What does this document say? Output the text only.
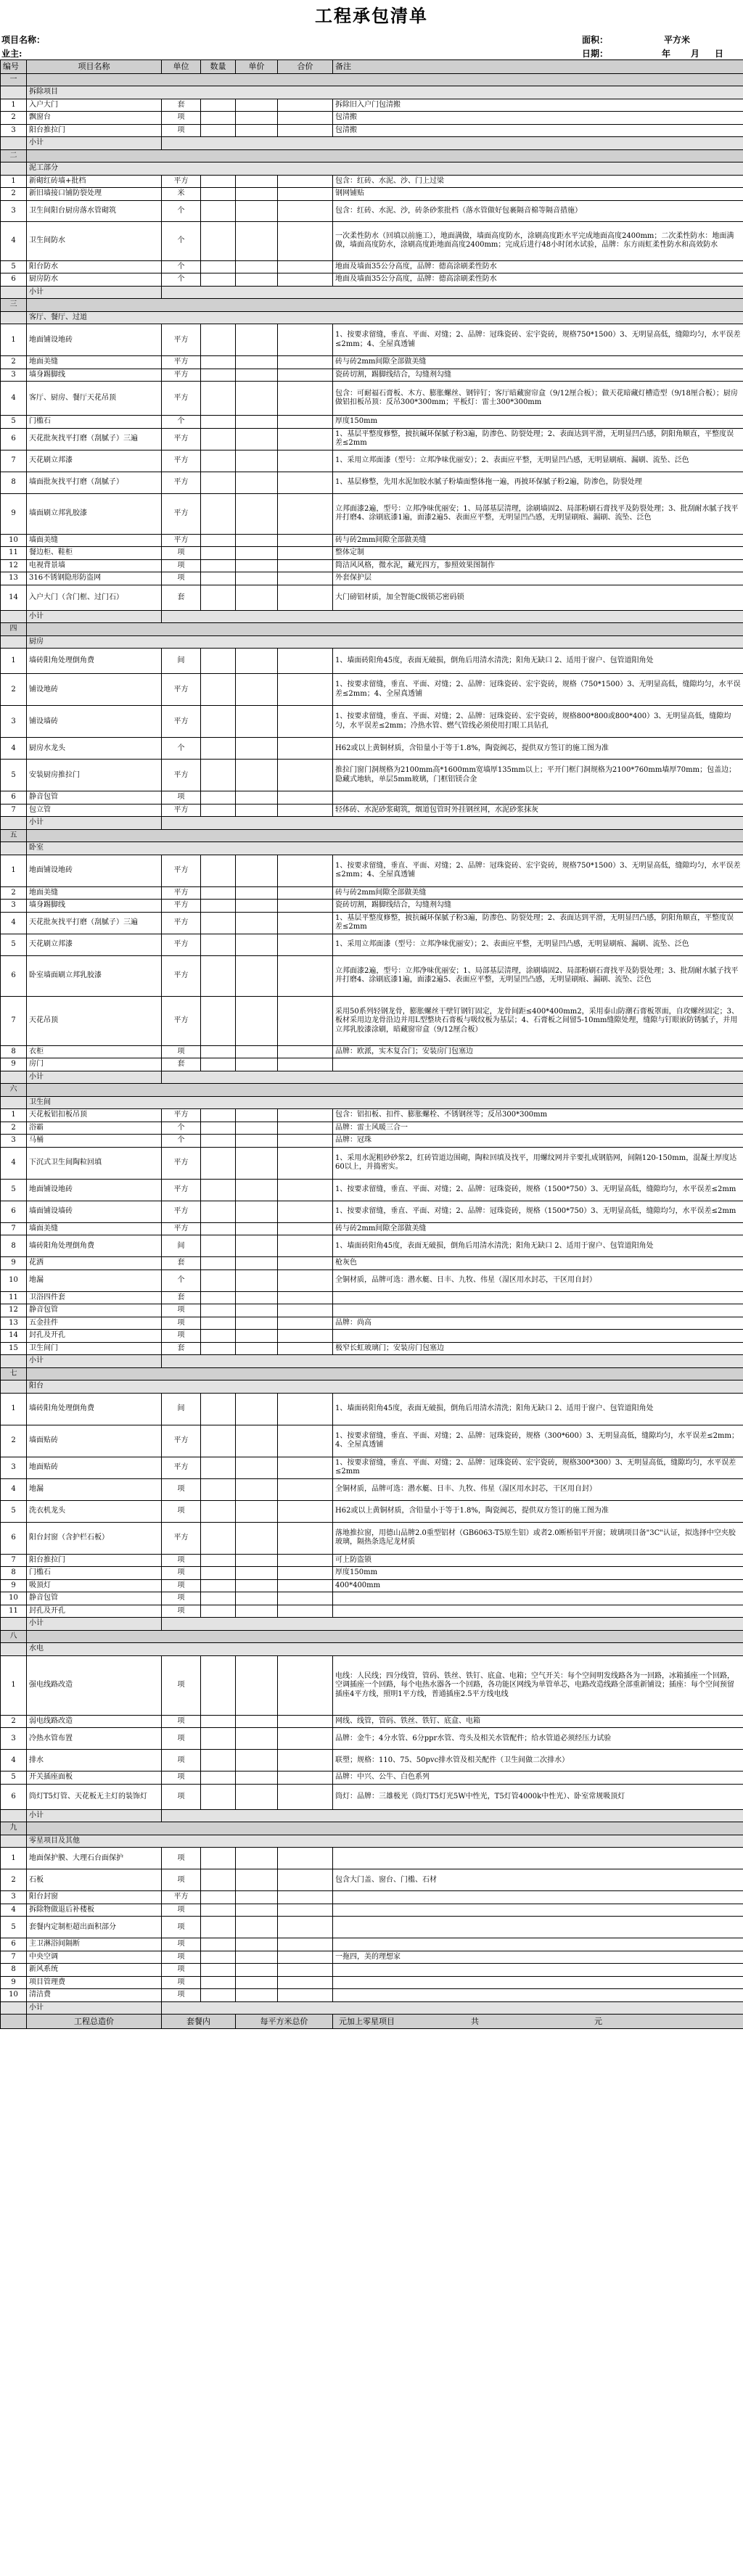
工程承包清单
项目名称：	面积：	平方米
业主:	日期：	年 月 日
编号	项目名称	单位	数量	单价	合价	备注
一						
	拆除项目					
1	入户大门	套				拆除旧入户门包清搬
2	飘窗台	项				包清搬
3	阳台推拉门	项				包清搬
	小计					
二						
	泥工部分					
1	新砌红砖墙+批档	平方				包含：红砖、水泥、沙、门上过梁
2	新旧墙接口铺防裂处理	米				钢网铺贴
3	卫生间阳台厨房落水管砌筑	个				包含：红砖、水泥、沙，砖条砂浆批档（落水管做好包裹隔音棉等隔音措施）
4	卫生间防水	个				一次柔性防水（回填以前施工），地面满做，墙面高度防水，涂刷高度距水平完成地面高度2400mm；二次柔性防水：地面满做，墙面高度防水，涂刷高度距地面高度2400mm；完成后进行48小时闭水试验，品牌：东方雨虹柔性防水和高效防水
5	阳台防水	个				地面及墙面35公分高度，品牌：德高涂刷柔性防水
6	厨房防水	个				地面及墙面35公分高度，品牌：德高涂刷柔性防水
	小计					
三						
	客厅、餐厅、过道					
1	地面铺设地砖	平方				1、按要求留缝，垂直、平面、对缝；2、品牌：冠珠瓷砖、宏宇瓷砖，规格750*1500）3、无明显高低，缝隙均匀，水平误差≤2mm；4、全屋真透铺
2	地面美缝	平方				砖与砖2mm间隙全部做美缝
3	墙身踢脚线	平方				瓷砖切割，踢脚线结合，勾缝剂勾缝
4	客厅、厨房、餐厅天花吊顶	平方				包含：可耐福石膏板、木方、膨胀螺丝、钢锌钉；客厅暗藏窗帘盒（9/12厘合板）；做天花暗藏灯槽造型（9/18厘合板）；厨房做铝扣板吊顶：反吊300*300mm；平板灯：雷士300*300mm
5	门槛石	个				厚度150mm
6	天花批灰找平打磨（刮腻子）三遍	平方				1、基层平整度修整，披抗碱环保腻子粉3遍，防渗色、防裂处理；2、表面达到平滑，无明显凹凸感，阴阳角顺直，平整度误差≤2mm
7	天花刷立邦漆	平方				1、采用立邦面漆（型号：立邦净味优丽安）；2、表面应平整，无明显凹凸感，无明显刷痕、漏刷、流坠、泛色
8	墙面批灰找平打磨（刮腻子）	平方				1、基层修整，先用水泥加胶水腻子粉墙面整体拖一遍，再披环保腻子粉2遍，防渗色，防裂处理
9	墙面刷立邦乳胶漆	平方				立邦面漆2遍，型号：立邦净味优丽安；1、局部基层清理，涂刷墙固2、局部粉刷石膏找平及防裂处理；3、批刮耐水腻子找平并打磨4、涂刷底漆1遍，面漆2遍5、表面应平整，无明显凹凸感，无明显刷痕、漏刷、流坠、泛色
10	墙面美缝	平方				砖与砖2mm间隙全部做美缝
11	餐边柜、鞋柜	项				整体定制
12	电视背景墙	项				简洁风风格，微水泥，藏光四方，参照效果图制作
13	316不锈钢隐形防盗网	项				外套保护层
14	入户大门（含门框、过门石）	套				大门磅铝材质，加全智能C级锁芯密码锁
	小计					
四						
	厨房					
1	墙砖阳角处理倒角费	间				1、墙面砖阳角45度，表面无破损，倒角后用清水清洗；阳角无缺口 2、适用于窗户、包管道阳角处
2	铺设地砖	平方				1、按要求留缝，垂直、平面、对缝；2、品牌：冠珠瓷砖、宏宇瓷砖，规格（750*1500）3、无明显高低，缝隙均匀，水平误差≤2mm；4、全屋真透铺
3	铺设墙砖	平方				1、按要求留缝，垂直、平面、对缝；2、品牌：冠珠瓷砖、宏宇瓷砖，规格800*800或800*400）3、无明显高低，缝隙均匀，水平误差≤2mm；冷热水管、燃气管线必须使用打眼工具钻孔
4	厨房水龙头	个				H62或以上黄铜材质，含铅量小于等于1.8%，陶瓷阀芯，提供双方签订的施工图为准
5	安装厨房推拉门	平方				推拉门窗门洞规格为2100mm高*1600mm宽墙厚135mm以上；平开门框门洞规格为2100*760mm墙厚70mm；包盖边；隐藏式地轨，单层5mm玻璃，门框铝镁合金
6	静音包管	项				
7	包立管	平方				轻体砖、水泥砂浆砌筑，烟道包管时外挂钢丝网，水泥砂浆抹灰
	小计					
五						
	卧室					
1	地面铺设地砖	平方				1、按要求留缝，垂直、平面、对缝；2、品牌：冠珠瓷砖、宏宇瓷砖，规格750*1500）3、无明显高低，缝隙均匀，水平误差≤2mm；4、全屋真透铺
2	地面美缝	平方				砖与砖2mm间隙全部做美缝
3	墙身踢脚线	平方				瓷砖切割，踢脚线结合，勾缝剂勾缝
4	天花批灰找平打磨（刮腻子）三遍	平方				1、基层平整度修整，披抗碱环保腻子粉3遍，防渗色、防裂处理；2、表面达到平滑，无明显凹凸感，阴阳角顺直，平整度误差≤2mm
5	天花刷立邦漆	平方				1、采用立邦面漆（型号：立邦净味优丽安）；2、表面应平整，无明显凹凸感，无明显刷痕、漏刷、流坠、泛色
6	卧室墙面刷立邦乳胶漆	平方				立邦面漆2遍，型号：立邦净味优丽安；1、局部基层清理，涂刷墙固2、局部粉刷石膏找平及防裂处理；3、批刮耐水腻子找平并打磨4、涂刷底漆1遍，面漆2遍5、表面应平整，无明显凹凸感，无明显刷痕、漏刷、流坠、泛色
7	天花吊顶	平方				采用50系列轻钢龙骨，膨胀螺丝干壁钉钢钉固定，龙骨间距≤400*400mm2，采用泰山防潮石膏板罩面，自攻螺丝固定；3、板材采用边龙骨沿边并用L型整块石膏板与吸纹板为基层；4、石膏板之间留5-10mm缝隙处理，缝隙与钉眼嵌防锈腻子，并用立邦乳胶漆涂刷，暗藏窗帘盒（9/12厘合板）
8	衣柜	项				品牌：欧派，实木复合门；安装房门包塞边
9	房门	套				
	小计					
六						
	卫生间					
1	天花板铝扣板吊顶	平方				包含：铝扣板、扣件、膨胀螺栓、不锈钢丝等；反吊300*300mm
2	浴霸	个				品牌：雷士风暖三合一
3	马桶	个				品牌：冠珠
4	下沉式卫生间陶粒回填	平方				1、采用水泥粗砂砂浆2，红砖管道边围砌，陶粒回填及找平，用螺纹网并辛要扎成钢筋网，间隔120-150mm，混凝土厚度达60以上，并捣密实。
5	地面铺设地砖	平方				1、按要求留缝，垂直、平面、对缝；2、品牌：冠珠瓷砖，规格（1500*750）3、无明显高低，缝隙均匀，水平误差≤2mm
6	墙面铺设墙砖	平方				1、按要求留缝，垂直、平面、对缝；2、品牌：冠珠瓷砖，规格（1500*750）3、无明显高低，缝隙均匀，水平误差≤2mm
7	墙面美缝	平方				砖与砖2mm间隙全部做美缝
8	墙砖阳角处理倒角费	间				1、墙面砖阳角45度，表面无破损，倒角后用清水清洗；阳角无缺口 2、适用于窗户、包管道阳角处
9	花洒	套				枪灰色
10	地漏	个				全铜材质，品牌可选：潜水艇、日丰、九牧、伟星（湿区用水封芯，干区用自封）
11	卫浴四件套	套				
12	静音包管	项				
13	五金挂件	项				品牌：尚高
14	封孔及开孔	项				
15	卫生间门	套				极窄长虹玻璃门；安装房门包塞边
	小计					
七						
	阳台					
1	墙砖阳角处理倒角费	间				1、墙面砖阳角45度，表面无破损，倒角后用清水清洗；阳角无缺口 2、适用于窗户、包管道阳角处
2	墙面贴砖	平方				1、按要求留缝，垂直、平面、对缝；2、品牌：冠珠瓷砖，规格（300*600）3、无明显高低，缝隙均匀，水平误差≤2mm；4、全屋真透铺
3	地面贴砖	平方				1、按要求留缝，垂直、平面、对缝；2、品牌：冠珠瓷砖、宏宇瓷砖，规格300*300）3、无明显高低，缝隙均匀，水平误差≤2mm
4	地漏	项				全铜材质，品牌可选：潜水艇、日丰、九牧、伟星（湿区用水封芯，干区用自封）
5	洗衣机龙头	项				H62或以上黄铜材质，含铅量小于等于1.8%，陶瓷阀芯，提供双方签订的施工图为准
6	阳台封窗（含护栏石板）	平方				落地推拉窗，用德山品牌2.0重型铝材（GB6063-T5原生铝）或者2.0断桥铝平开窗；玻璃项目备"3C"认证，拟选择中空夹胶玻璃，隔热条选尼龙材质
7	阳台推拉门	项				可上防盗锁
8	门槛石	项				厚度150mm
9	吸顶灯	项				400*400mm
10	静音包管	项				
11	封孔及开孔	项				
	小计					
八						
	水电					
1	强电线路改造	项				电线：人民线；四分线管，管码、铁丝、铁钉、底盒、电箱；空气开关：每个空间明发线路各为一回路，冰箱插座一个回路，空调插座一个回路，每个电热水器各一个回路，各功能区网线为单管单芯，电路改造线路全部重新铺设；插座：每个空间预留插座4平方线，照明1平方线，普通插座2.5平方线电线
2	弱电线路改造	项				网线、线管，管码、铁丝、铁钉、底盒、电箱
3	冷热水管布置	项				品牌：金牛；4分水管、6分ppr水管、弯头及相关水管配件；给水管道必须经压力试验
4	排水	项				联塑；规格：110、75、50pvc排水管及相关配件（卫生间做二次排水）
5	开关插座面板	项				品牌：中兴、公牛、白色系列
6	筒灯T5灯管、天花板无主灯的装饰灯	项				筒灯：品牌：三雄极光（筒灯T5灯光5W中性光，T5灯管4000k中性光）、卧室常规吸顶灯
	小计					
九						
	零星项目及其他					
1	地面保护膜、大理石台面保护	项				
2	石板	项				包含大门盖、窗台、门槛、石材
3	阳台封窗	平方				
4	拆除物做退后补楼板	项				
5	套餐内定制柜超出面积部分	项				
6	主卫淋浴间隔断	项				
7	中央空调	项				一拖四，美的理想家
8	新风系统	项				
9	项目管理费	项				
10	清洁费	项				
	小计					
	工程总造价	套餐内		每平方米总价		元加上零星项目 共 元
